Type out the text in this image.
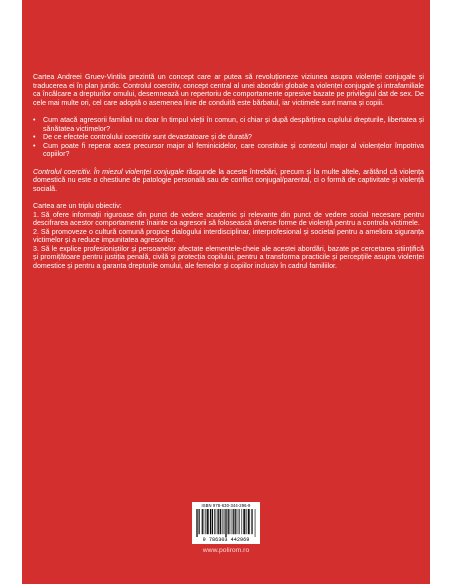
Cartea Andreei Gruev-Vintila prezintă un concept care ar putea să revoluționeze viziunea asupra violenței conjugale și traducerea ei în plan juridic. Controlul coercitiv, concept central al unei abordări globale a violenței conjugale și intrafamiliale ca încălcare a drepturilor omului, desemnează un repertoriu de comportamente opresive bazate pe privilegiul dat de sex. De cele mai multe ori, cel care adoptă o asemenea linie de conduită este bărbatul, iar victimele sunt mama și copiii.

• Cum atacă agresorii familiali nu doar în timpul vieții în comun, ci chiar și după despărțirea cuplului drepturile, libertatea și sănătatea victimelor?
• De ce efectele controlului coercitiv sunt devastatoare și de durată?
• Cum poate fi reperat acest precursor major al feminicidelor, care constituie și contextul major al violențelor împotriva copiilor?

Controlul coercitiv. În miezul violenței conjugale răspunde la aceste întrebări, precum și la multe altele, arătând că violența domestică nu este o chestiune de patologie personală sau de conflict conjugal/parental, ci o formă de captivitate și violență socială.

Cartea are un triplu obiectiv:

1. Să ofere informații riguroase din punct de vedere academic și relevante din punct de vedere social necesare pentru descifrarea acestor comportamente înainte ca agresorii să folosească diverse forme de violență pentru a controla victimele.
2. Să promoveze o cultură comună propice dialogului interdisciplinar, interprofesional și societal pentru a ameliora siguranța victimelor și a reduce impunitatea agresorilor.
3. Să le explice profesioniștilor și persoanelor afectate elementele-cheie ale acestei abordări, bazate pe cercetarea științifică și promițătoare pentru justiția penală, civilă și protecția copilului, pentru a transforma practicile și percepțiile asupra violenței domestice și pentru a garanta drepturile omului, ale femeilor și copiilor inclusiv în cadrul familiilor.
ISBN 978-630-344-296-9
9 786303 442969
www.polirom.ro
